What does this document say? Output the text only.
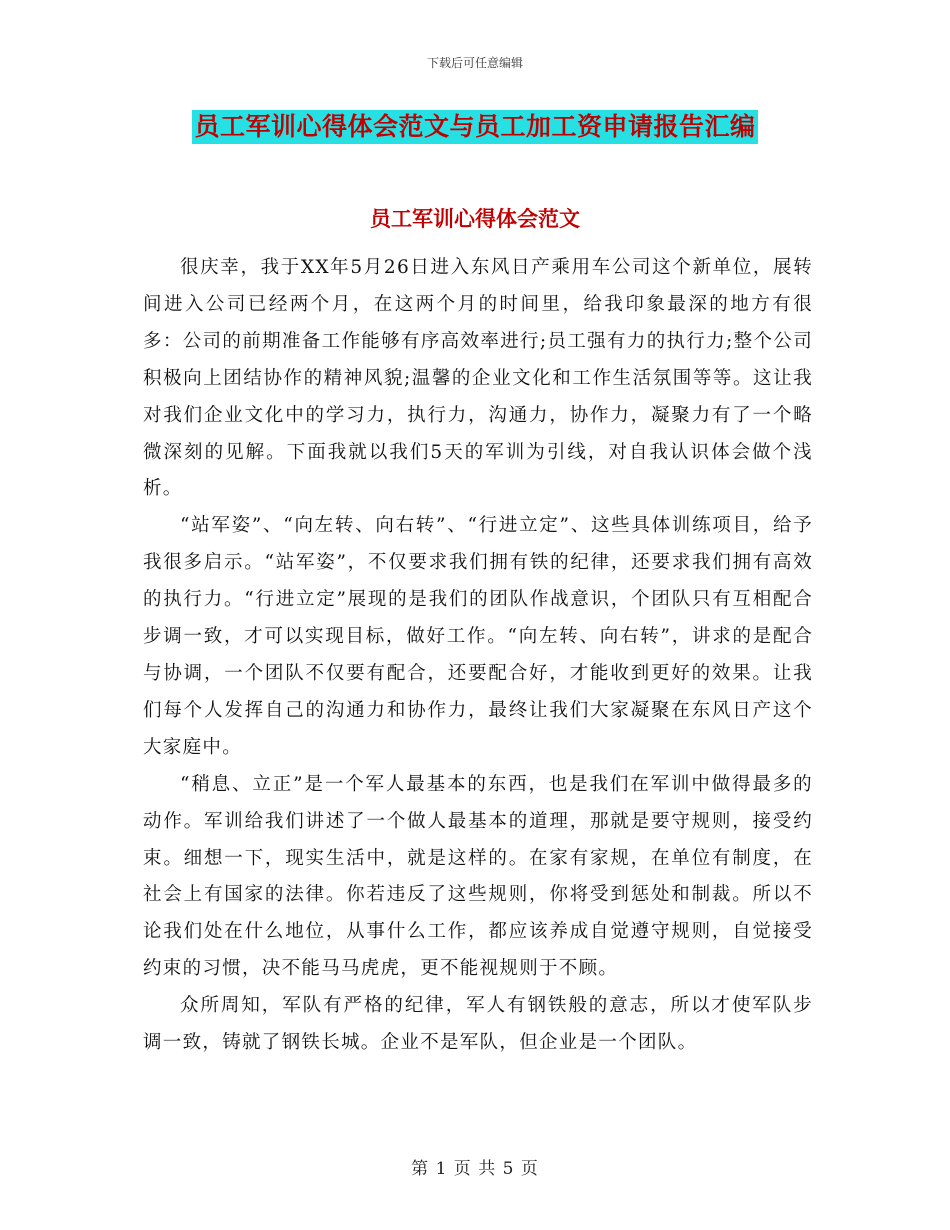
下载后可任意编辑
员工军训心得体会范文与员工加工资申请报告汇编
员工军训心得体会范文

很庆幸，我于XX年5月26日进入东风日产乘用车公司这个新单位，展转间进入公司已经两个月，在这两个月的时间里，给我印象最深的地方有很多：公司的前期准备工作能够有序高效率进行;员工强有力的执行力;整个公司积极向上团结协作的精神风貌;温馨的企业文化和工作生活氛围等等。这让我对我们企业文化中的学习力，执行力，沟通力，协作力，凝聚力有了一个略微深刻的见解。下面我就以我们5天的军训为引线，对自我认识体会做个浅析。

“站军姿”、“向左转、向右转”、“行进立定”、这些具体训练项目，给予我很多启示。“站军姿”，不仅要求我们拥有铁的纪律，还要求我们拥有高效的执行力。“行进立定”展现的是我们的团队作战意识，个团队只有互相配合步调一致，才可以实现目标，做好工作。“向左转、向右转”，讲求的是配合与协调，一个团队不仅要有配合，还要配合好，才能收到更好的效果。让我们每个人发挥自己的沟通力和协作力，最终让我们大家凝聚在东风日产这个大家庭中。

“稍息、立正”是一个军人最基本的东西，也是我们在军训中做得最多的动作。军训给我们讲述了一个做人最基本的道理，那就是要守规则，接受约束。细想一下，现实生活中，就是这样的。在家有家规，在单位有制度，在社会上有国家的法律。你若违反了这些规则，你将受到惩处和制裁。所以不论我们处在什么地位，从事什么工作，都应该养成自觉遵守规则，自觉接受约束的习惯，决不能马马虎虎，更不能视规则于不顾。

众所周知，军队有严格的纪律，军人有钢铁般的意志，所以才使军队步调一致，铸就了钢铁长城。企业不是军队，但企业是一个团队。

第 1 页 共 5 页
